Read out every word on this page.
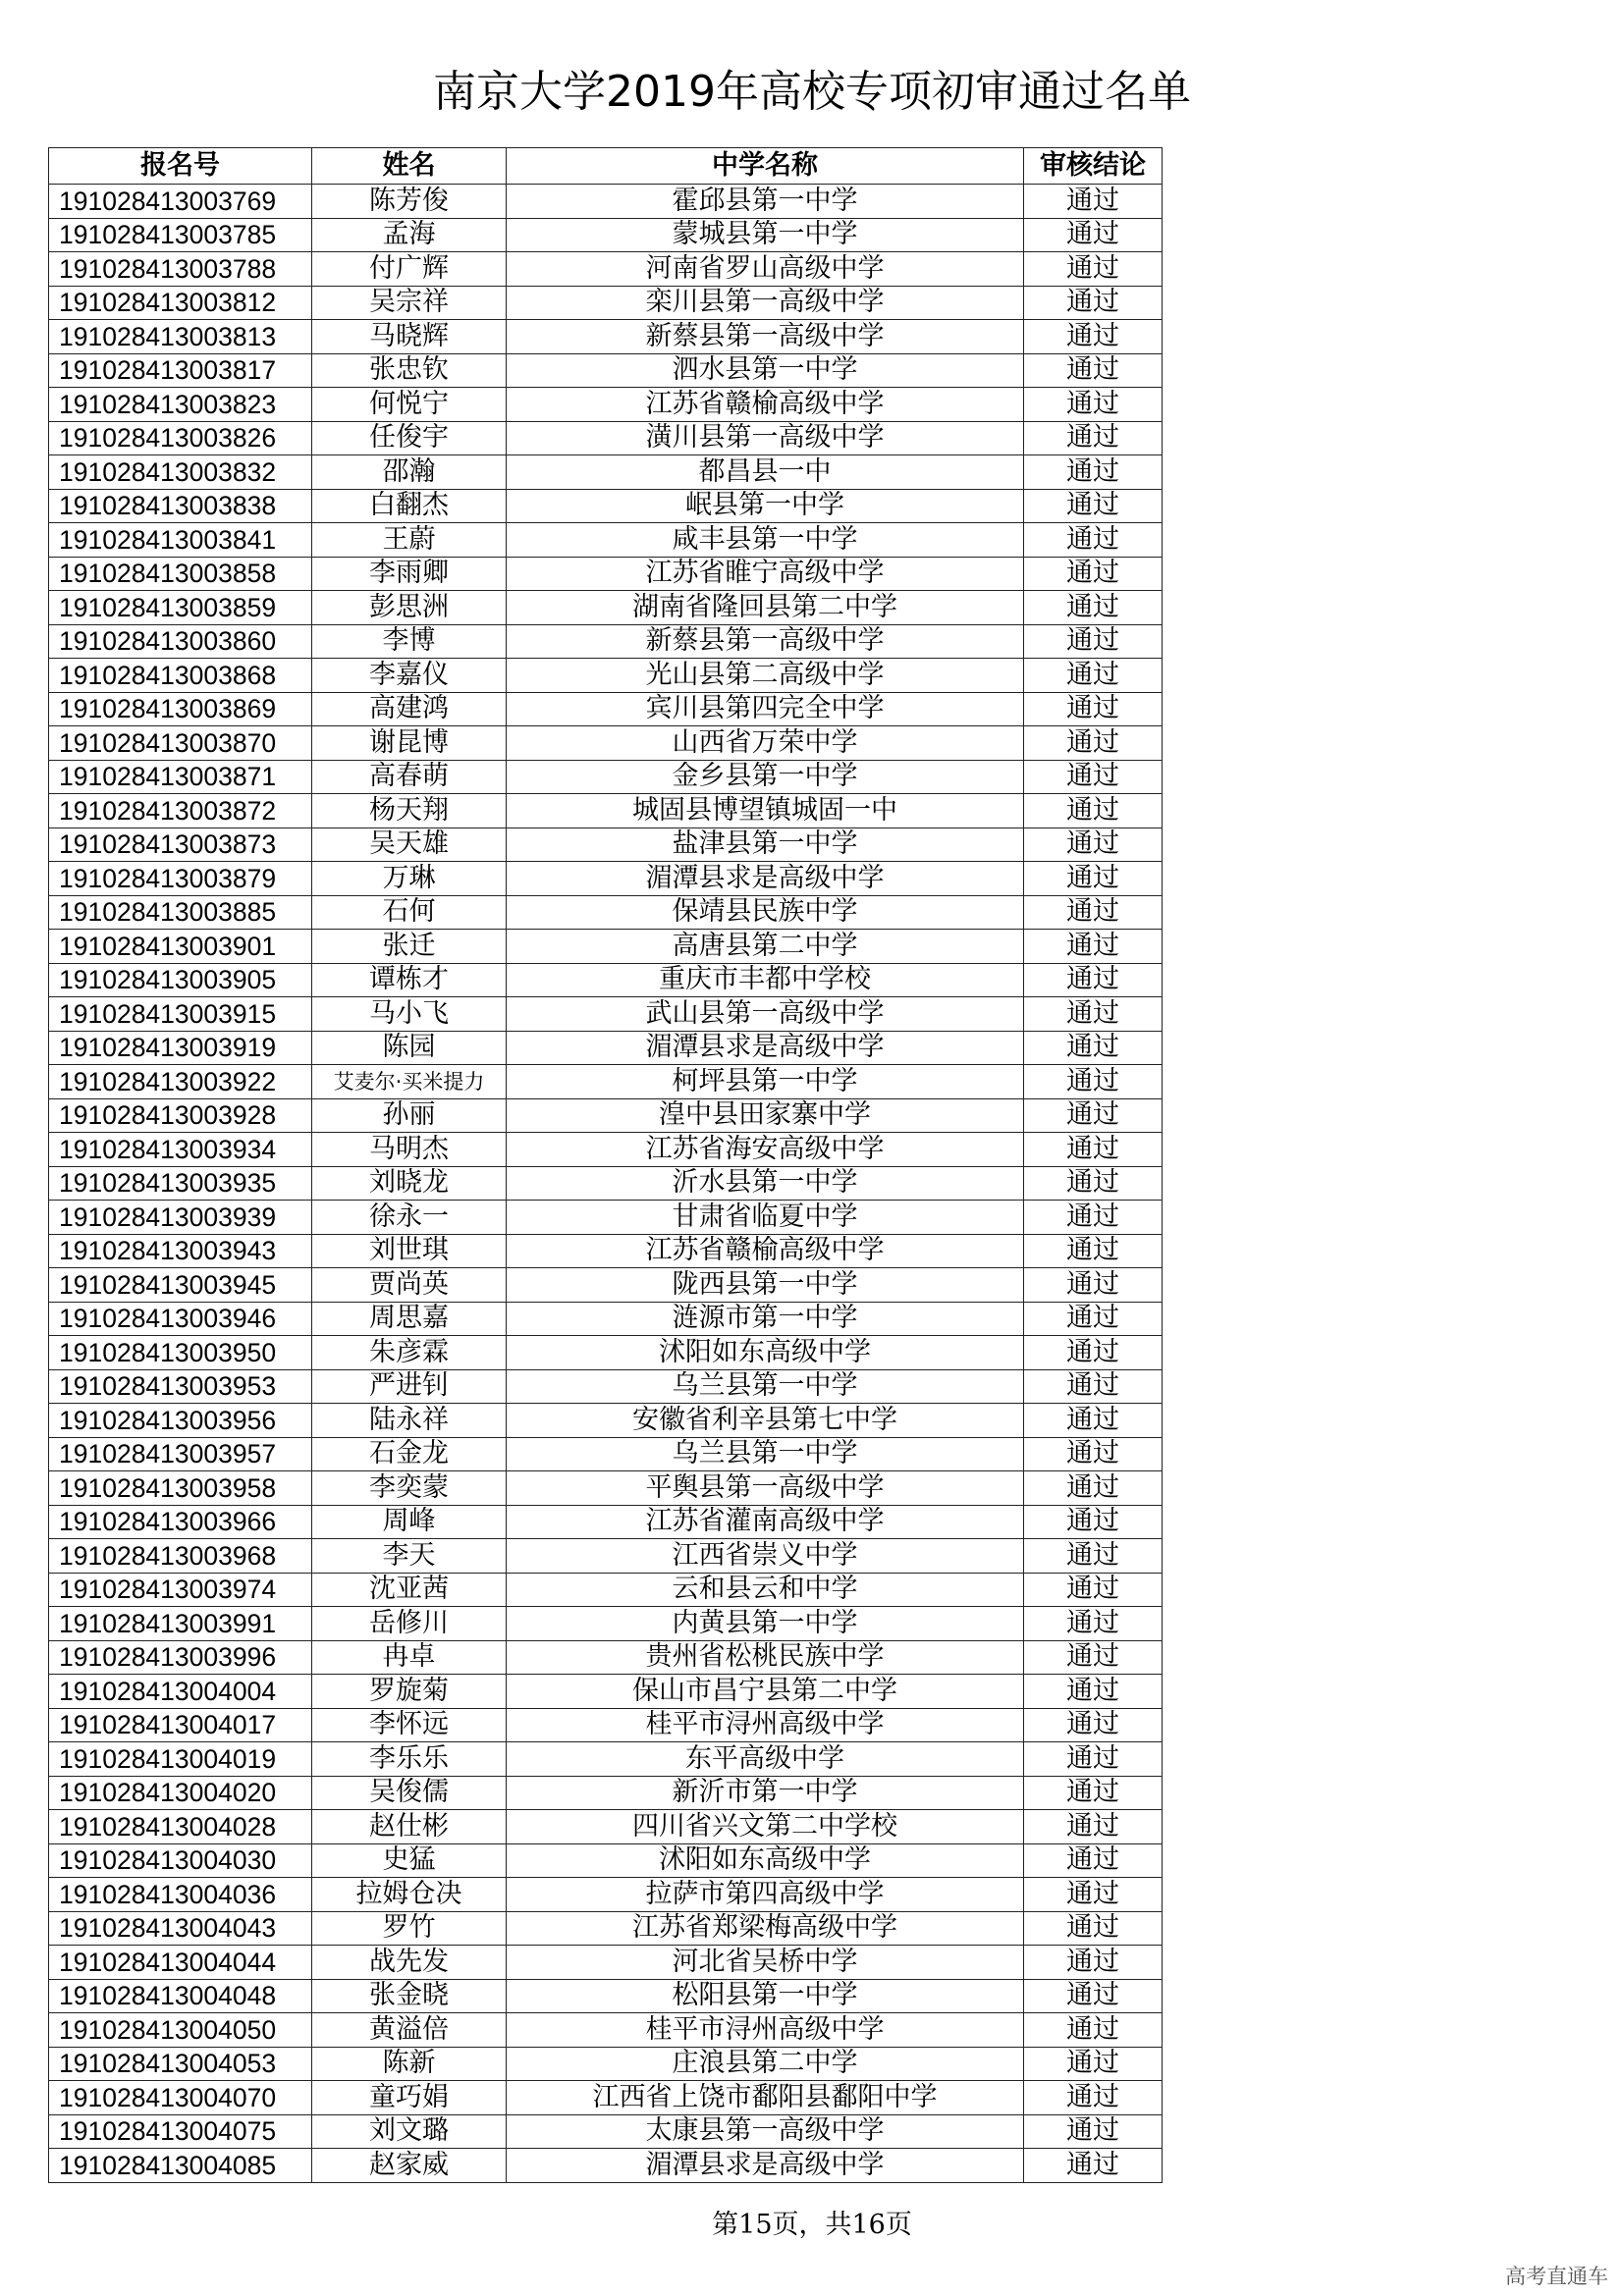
南京大学2019年高校专项初审通过名单
报名号	姓名	中学名称	审核结论
191028413003769	陈芳俊	霍邱县第一中学	通过
191028413003785	孟海	蒙城县第一中学	通过
191028413003788	付广辉	河南省罗山高级中学	通过
191028413003812	吴宗祥	栾川县第一高级中学	通过
191028413003813	马晓辉	新蔡县第一高级中学	通过
191028413003817	张忠钦	泗水县第一中学	通过
191028413003823	何悦宁	江苏省赣榆高级中学	通过
191028413003826	任俊宇	潢川县第一高级中学	通过
191028413003832	邵瀚	都昌县一中	通过
191028413003838	白翻杰	岷县第一中学	通过
191028413003841	王蔚	咸丰县第一中学	通过
191028413003858	李雨卿	江苏省睢宁高级中学	通过
191028413003859	彭思洲	湖南省隆回县第二中学	通过
191028413003860	李博	新蔡县第一高级中学	通过
191028413003868	李嘉仪	光山县第二高级中学	通过
191028413003869	高建鸿	宾川县第四完全中学	通过
191028413003870	谢昆博	山西省万荣中学	通过
191028413003871	高春萌	金乡县第一中学	通过
191028413003872	杨天翔	城固县博望镇城固一中	通过
191028413003873	吴天雄	盐津县第一中学	通过
191028413003879	万琳	湄潭县求是高级中学	通过
191028413003885	石何	保靖县民族中学	通过
191028413003901	张迁	高唐县第二中学	通过
191028413003905	谭栋才	重庆市丰都中学校	通过
191028413003915	马小飞	武山县第一高级中学	通过
191028413003919	陈园	湄潭县求是高级中学	通过
191028413003922	艾麦尔·买米提力	柯坪县第一中学	通过
191028413003928	孙丽	湟中县田家寨中学	通过
191028413003934	马明杰	江苏省海安高级中学	通过
191028413003935	刘晓龙	沂水县第一中学	通过
191028413003939	徐永一	甘肃省临夏中学	通过
191028413003943	刘世琪	江苏省赣榆高级中学	通过
191028413003945	贾尚英	陇西县第一中学	通过
191028413003946	周思嘉	涟源市第一中学	通过
191028413003950	朱彦霖	沭阳如东高级中学	通过
191028413003953	严进钊	乌兰县第一中学	通过
191028413003956	陆永祥	安徽省利辛县第七中学	通过
191028413003957	石金龙	乌兰县第一中学	通过
191028413003958	李奕蒙	平舆县第一高级中学	通过
191028413003966	周峰	江苏省灌南高级中学	通过
191028413003968	李天	江西省崇义中学	通过
191028413003974	沈亚茜	云和县云和中学	通过
191028413003991	岳修川	内黄县第一中学	通过
191028413003996	冉卓	贵州省松桃民族中学	通过
191028413004004	罗旋菊	保山市昌宁县第二中学	通过
191028413004017	李怀远	桂平市浔州高级中学	通过
191028413004019	李乐乐	东平高级中学	通过
191028413004020	吴俊儒	新沂市第一中学	通过
191028413004028	赵仕彬	四川省兴文第二中学校	通过
191028413004030	史猛	沭阳如东高级中学	通过
191028413004036	拉姆仓决	拉萨市第四高级中学	通过
191028413004043	罗竹	江苏省郑梁梅高级中学	通过
191028413004044	战先发	河北省吴桥中学	通过
191028413004048	张金晓	松阳县第一中学	通过
191028413004050	黄溢倍	桂平市浔州高级中学	通过
191028413004053	陈新	庄浪县第二中学	通过
191028413004070	童巧娟	江西省上饶市鄱阳县鄱阳中学	通过
191028413004075	刘文璐	太康县第一高级中学	通过
191028413004085	赵家威	湄潭县求是高级中学	通过
第15页，共16页
高考直通车
